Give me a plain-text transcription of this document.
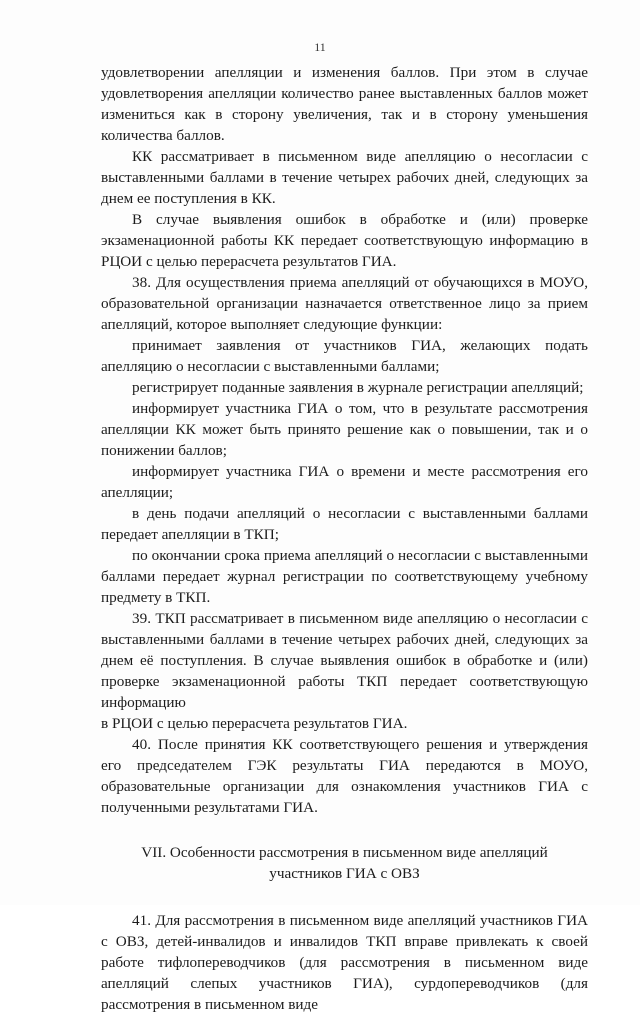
11

удовлетворении апелляции и изменения баллов. При этом в случае удовлетворения апелляции количество ранее выставленных баллов может измениться как в сторону увеличения, так и в сторону уменьшения количества баллов.

КК рассматривает в письменном виде апелляцию о несогласии с выставленными баллами в течение четырех рабочих дней, следующих за днем ее поступления в КК.

В случае выявления ошибок в обработке и (или) проверке экзаменационной работы КК передает соответствующую информацию в РЦОИ с целью перерасчета результатов ГИА.

38. Для осуществления приема апелляций от обучающихся в МОУО, образовательной организации назначается ответственное лицо за прием апелляций, которое выполняет следующие функции:

принимает заявления от участников ГИА, желающих подать апелляцию о несогласии с выставленными баллами;

регистрирует поданные заявления в журнале регистрации апелляций;

информирует участника ГИА о том, что в результате рассмотрения апелляции КК может быть принято решение как о повышении, так и о понижении баллов;

информирует участника ГИА о времени и месте рассмотрения его апелляции;

в день подачи апелляций о несогласии с выставленными баллами передает апелляции в ТКП;

по окончании срока приема апелляций о несогласии с выставленными баллами передает журнал регистрации по соответствующему учебному предмету в ТКП.

39. ТКП рассматривает в письменном виде апелляцию о несогласии с выставленными баллами в течение четырех рабочих дней, следующих за днем её поступления. В случае выявления ошибок в обработке и (или) проверке экзаменационной работы ТКП передает соответствующую информацию

в РЦОИ с целью перерасчета результатов ГИА.

40. После принятия КК соответствующего решения и утверждения его председателем ГЭК результаты ГИА передаются в МОУО, образовательные организации для ознакомления участников ГИА с полученными результатами ГИА.

VII. Особенности рассмотрения в письменном виде апелляций
участников ГИА с ОВЗ

41. Для рассмотрения в письменном виде апелляций участников ГИА с ОВЗ, детей-инвалидов и инвалидов ТКП вправе привлекать к своей работе тифлопереводчиков (для рассмотрения в письменном виде апелляций слепых участников ГИА), сурдопереводчиков (для рассмотрения в письменном виде
